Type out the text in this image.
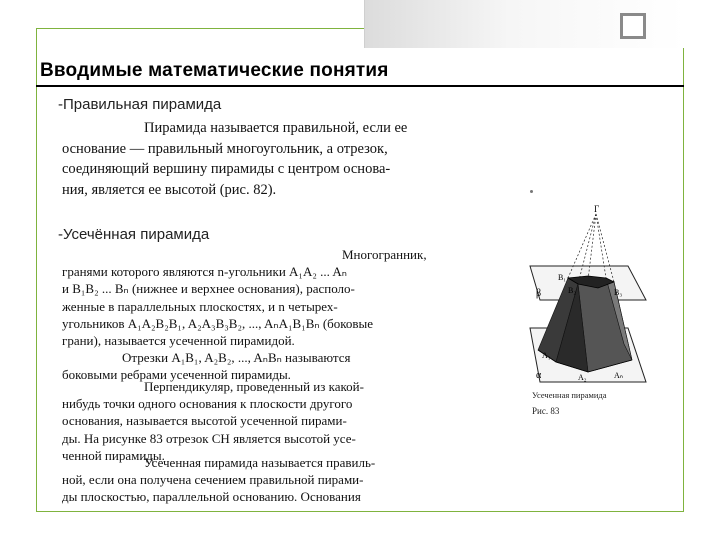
Вводимые математические понятия
-Правильная пирамида
Пирамида называется правильной, если ее
основание — правильный многоугольник, а отрезок,
соединяющий вершину пирамиды с центром основа-
ния, является ее высотой (рис. 82).
-Усечённая пирамида
Многогранник,
гранями которого являются n-угольники A₁A₂ ... Aₙ
и B₁B₂ ... Bₙ (нижнее и верхнее основания), располо-
женные в параллельных плоскостях, и n четырех-
угольников A₁A₂B₂B₁, A₂A₃B₃B₂, ..., AₙA₁B₁Bₙ (боковые
грани), называется усеченной пирамидой.
Отрезки A₁B₁, A₂B₂, ..., AₙBₙ называются
боковыми ребрами усеченной пирамиды.
Перпендикуляр, проведенный из какой-
нибудь точки одного основания к плоскости другого
основания, называется высотой усеченной пирами-
ды. На рисунке 83 отрезок CH является высотой усе-
ченной пирамиды.
Усеченная пирамида называется правиль-
ной, если она получена сечением правильной пирами-
ды плоскостью, параллельной основанию. Основания
Г
B₁
B₂	B₃
β
α
A₁
A₂	Aₙ
Усеченная пирамида
Рис. 83
